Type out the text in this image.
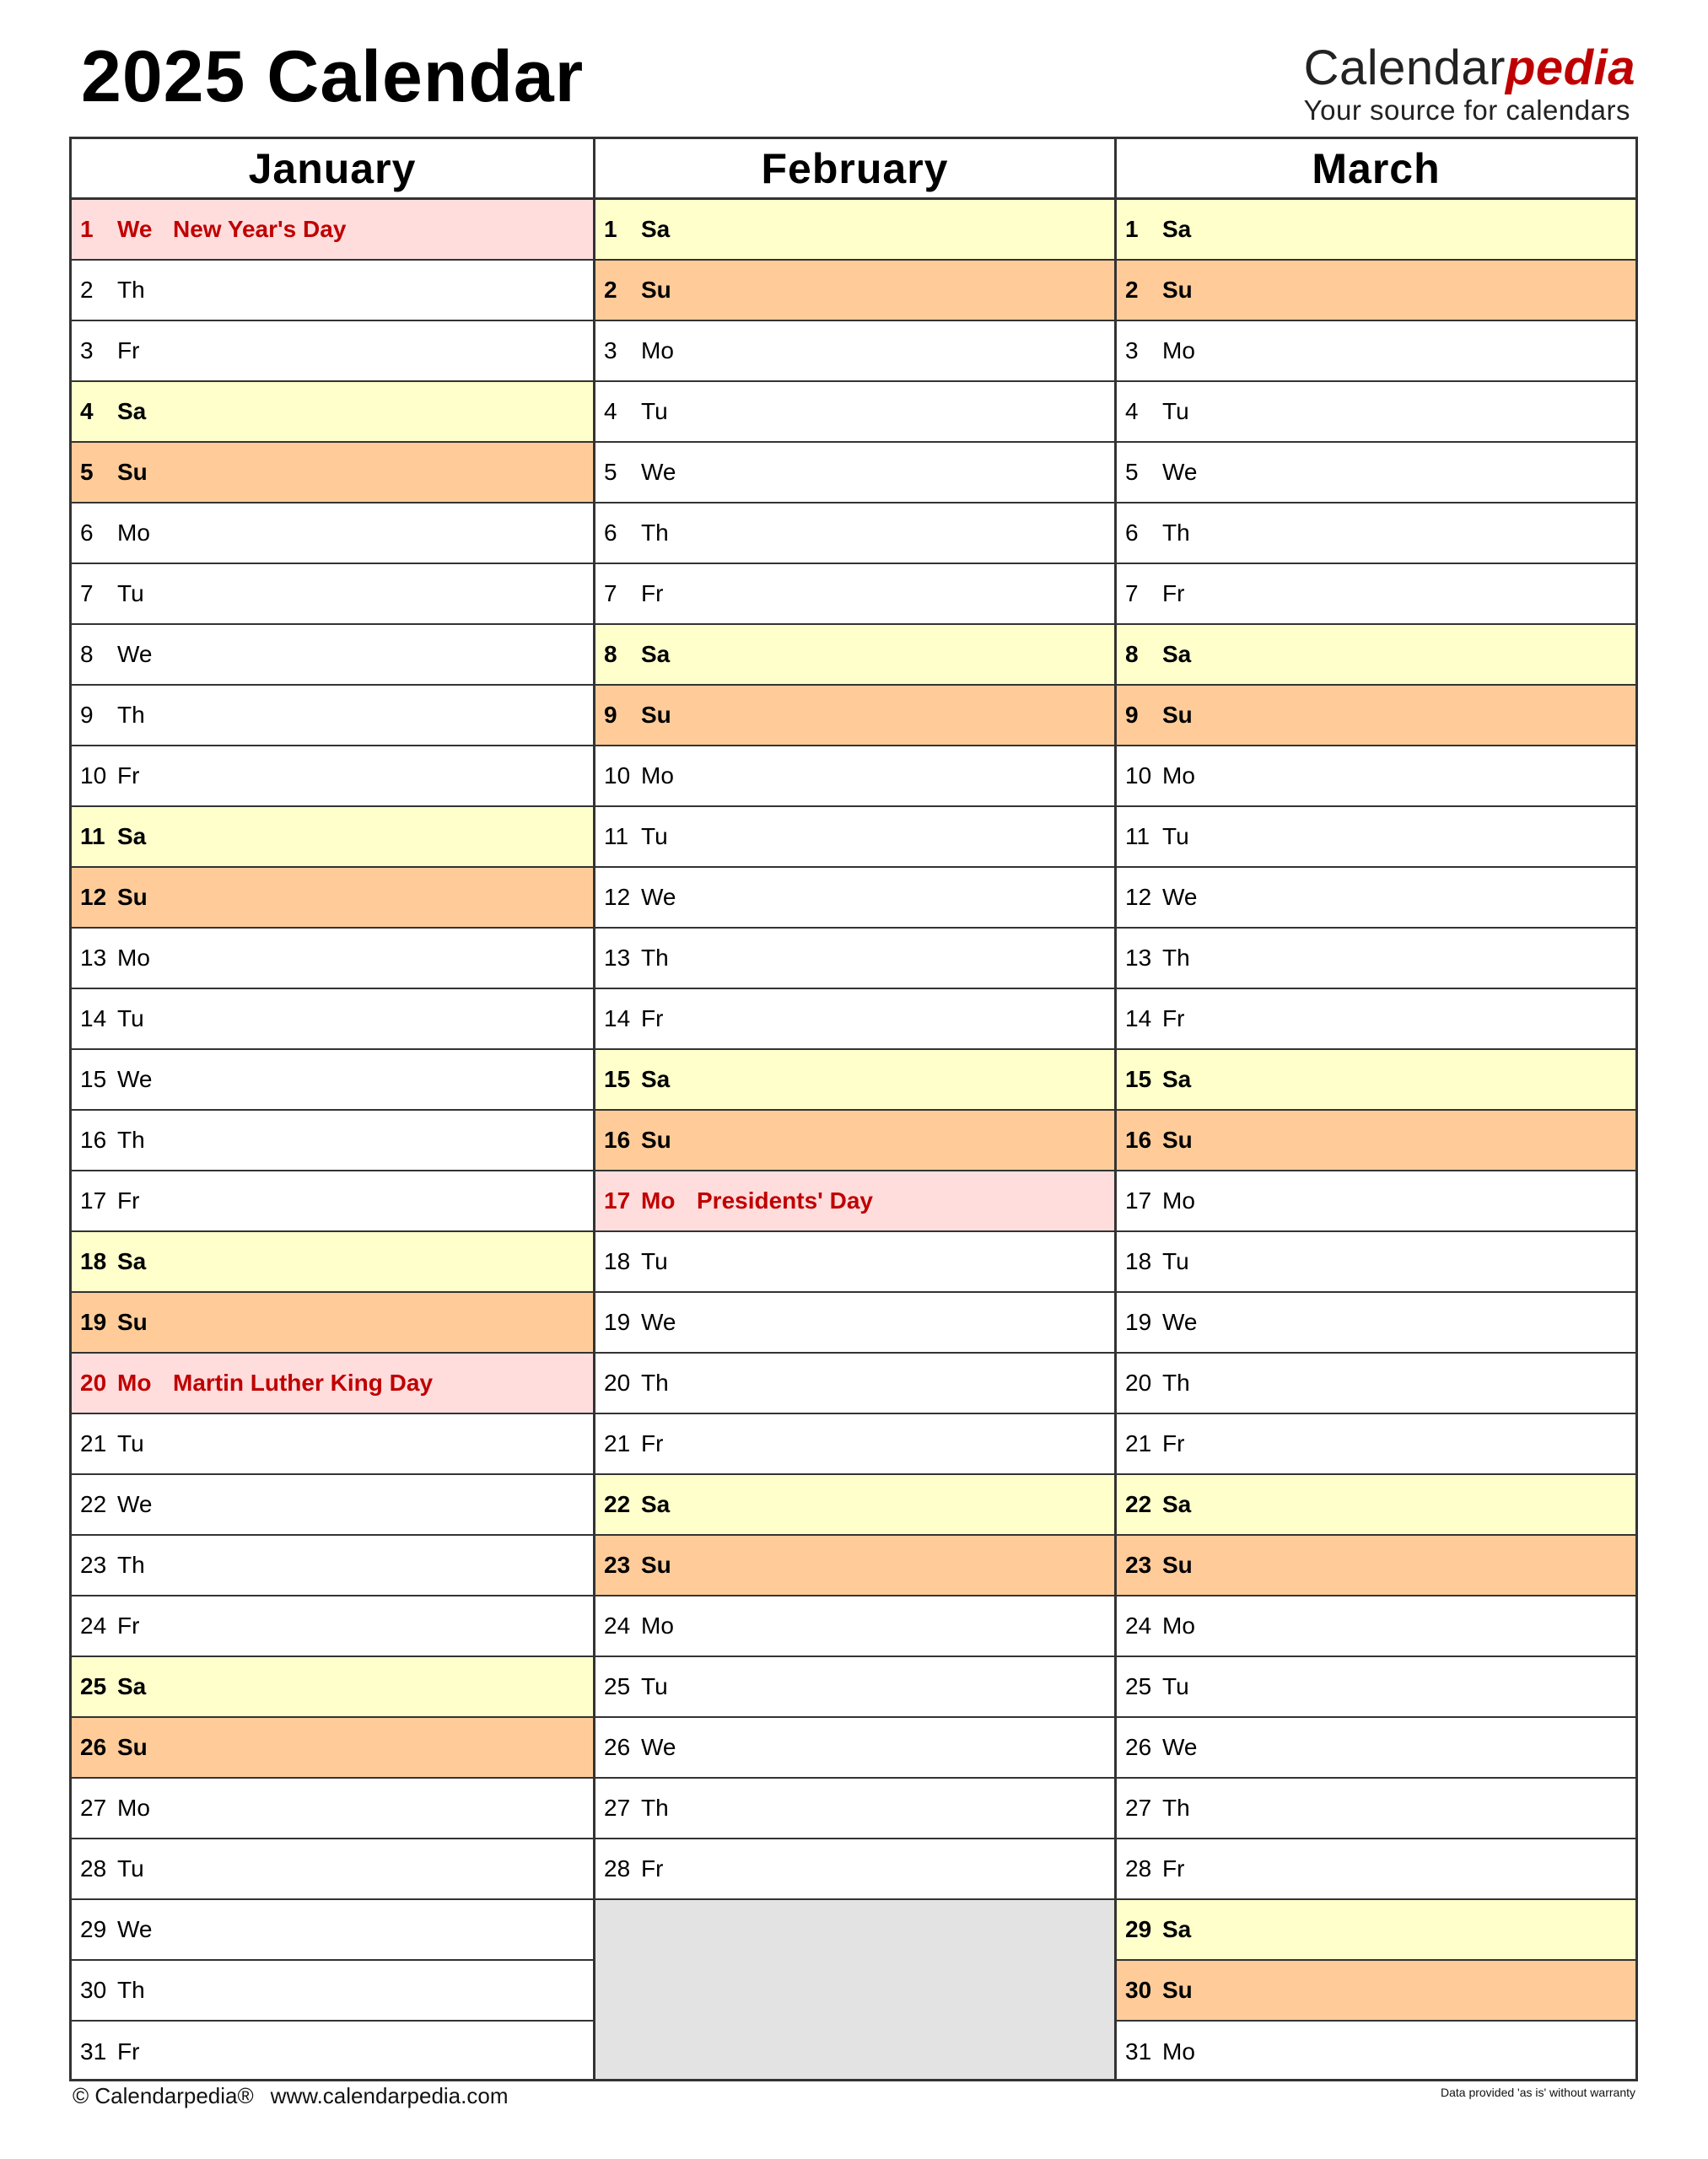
2025 Calendar	Calendarpedia
Your source for calendars
January
1	We New Year's Day
2	Th
3	Fr
4	Sa
5	Su
6	Mo
7	Tu
8	We
9	Th
10 Fr
11 Sa
12 Su
13 Mo
14 Tu
15 We
16 Th
17 Fr
18 Sa
19 Su
20 Mo Martin Luther King Day
21 Tu
22 We
23 Th
24 Fr
25 Sa
26 Su
27 Mo
28 Tu
29 We
30 Th
31 Fr
February
1	Sa
2	Su
3	Mo
4	Tu
5	We
6	Th
7	Fr
8	Sa
9	Su
10 Mo
11 Tu
12 We
13 Th
14 Fr
15 Sa
16 Su
17 Mo Presidents' Day
18 Tu
19 We
20 Th
21 Fr
22 Sa
23 Su
24 Mo
25 Tu
26 We
27 Th
28 Fr
March
1	Sa
2	Su
3	Mo
4	Tu
5	We
6	Th
7	Fr
8	Sa
9	Su
10 Mo
11 Tu
12 We
13 Th
14 Fr
15 Sa
16 Su
17 Mo
18 Tu
19 We
20 Th
21 Fr
22 Sa
23 Su
24 Mo
25 Tu
26 We
27 Th
28 Fr
29 Sa
30 Su
31 Mo
© Calendarpedia® www.calendarpedia.com	Data provided 'as is' without warranty
